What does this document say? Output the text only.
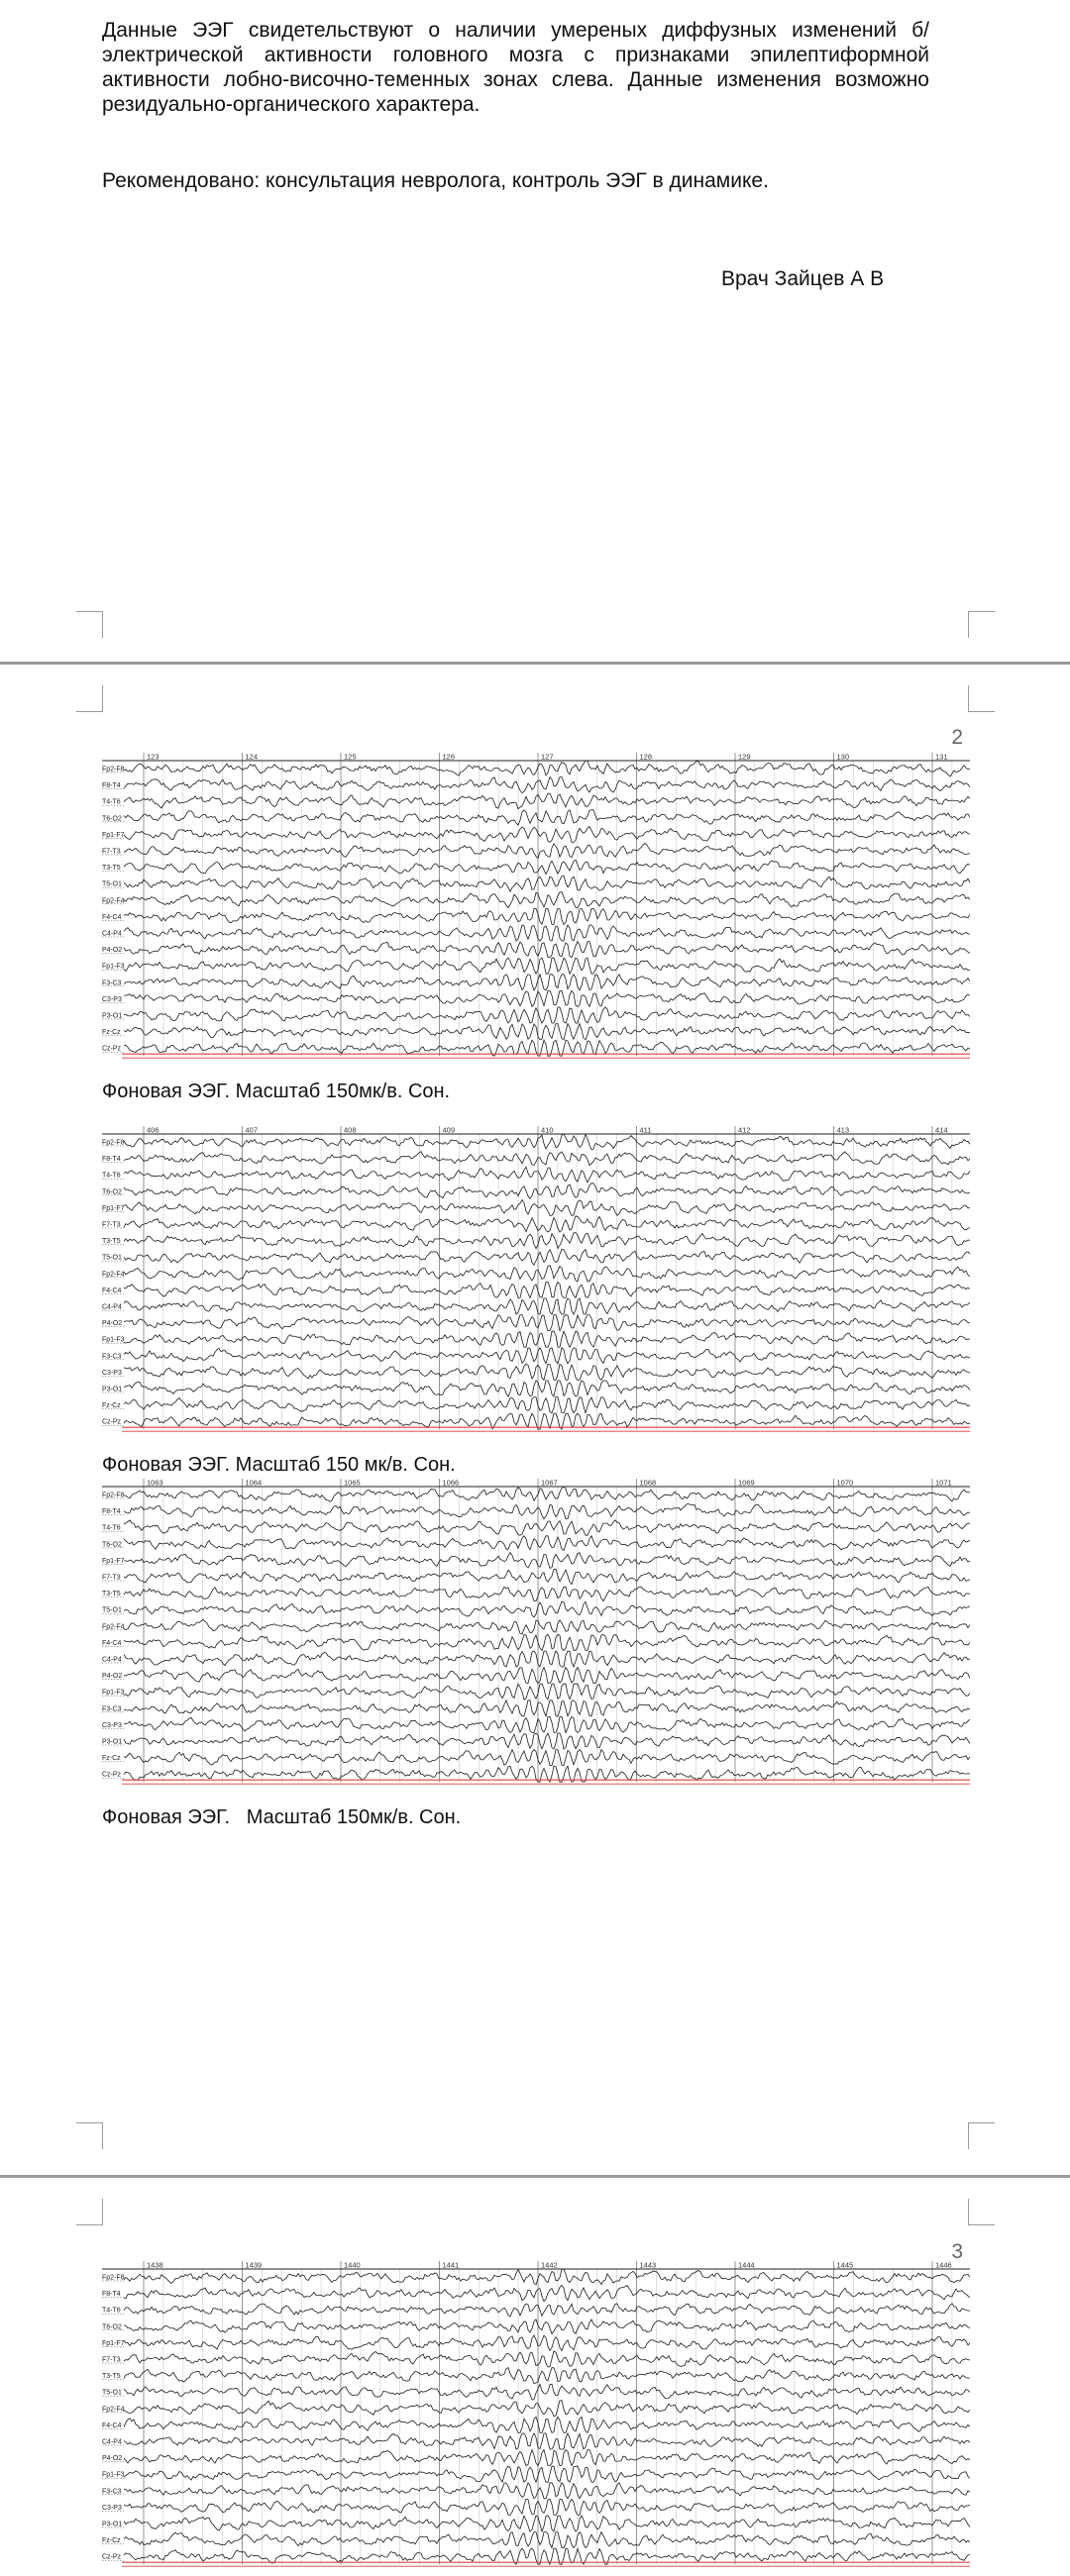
Данные ЭЭГ свидетельствуют о наличии умереных диффузных изменений б/электрической активности головного мозга с признаками эпилептиформной активности лобно-височно-теменных зонах слева. Данные изменения возможно резидуально-органического характера.

Рекомендовано: консультация невролога, контроль ЭЭГ в динамике.

Врач Зайцев А В
2
123	124	125	126	127	128	129	130	131
Fp2-F8
F8-T4
T4-T6
T6-O2
Fp1-F7
F7-T3
T3-T5
T5-O1
Fp2-F4
F4-C4
C4-P4
P4-O2
Fp1-F3
F3-C3
C3-P3
P3-O1
Fz-Cz
Cz-Pz
Фоновая ЭЭГ. Масштаб 150мк/в. Сон.
406	407	408	409	410	411	412	413	414
Fp2-F8
F8-T4
T4-T6
T6-O2
Fp1-F7
F7-T3
T3-T5
T5-O1
Fp2-F4
F4-C4
C4-P4
P4-O2
Fp1-F3
F3-C3
C3-P3
P3-O1
Fz-Cz
Cz-Pz
Фоновая ЭЭГ. Масштаб 150 мк/в. Сон.
1063	1064	1065	1066	1067	1068	1069	1070	1071
Fp2-F8
F8-T4
T4-T6
T6-O2
Fp1-F7
F7-T3
T3-T5
T5-O1
Fp2-F4
F4-C4
C4-P4
P4-O2
Fp1-F3
F3-C3
C3-P3
P3-O1
Fz-Cz
Cz-Pz
Фоновая ЭЭГ.   Масштаб 150мк/в. Сон.
3
1438	1439	1440	1441	1442	1443	1444	1445	1446
Fp2-F8
F8-T4
T4-T6
T6-O2
Fp1-F7
F7-T3
T3-T5
T5-O1
Fp2-F4
F4-C4
C4-P4
P4-O2
Fp1-F3
F3-C3
C3-P3
P3-O1
Fz-Cz
Cz-Pz
